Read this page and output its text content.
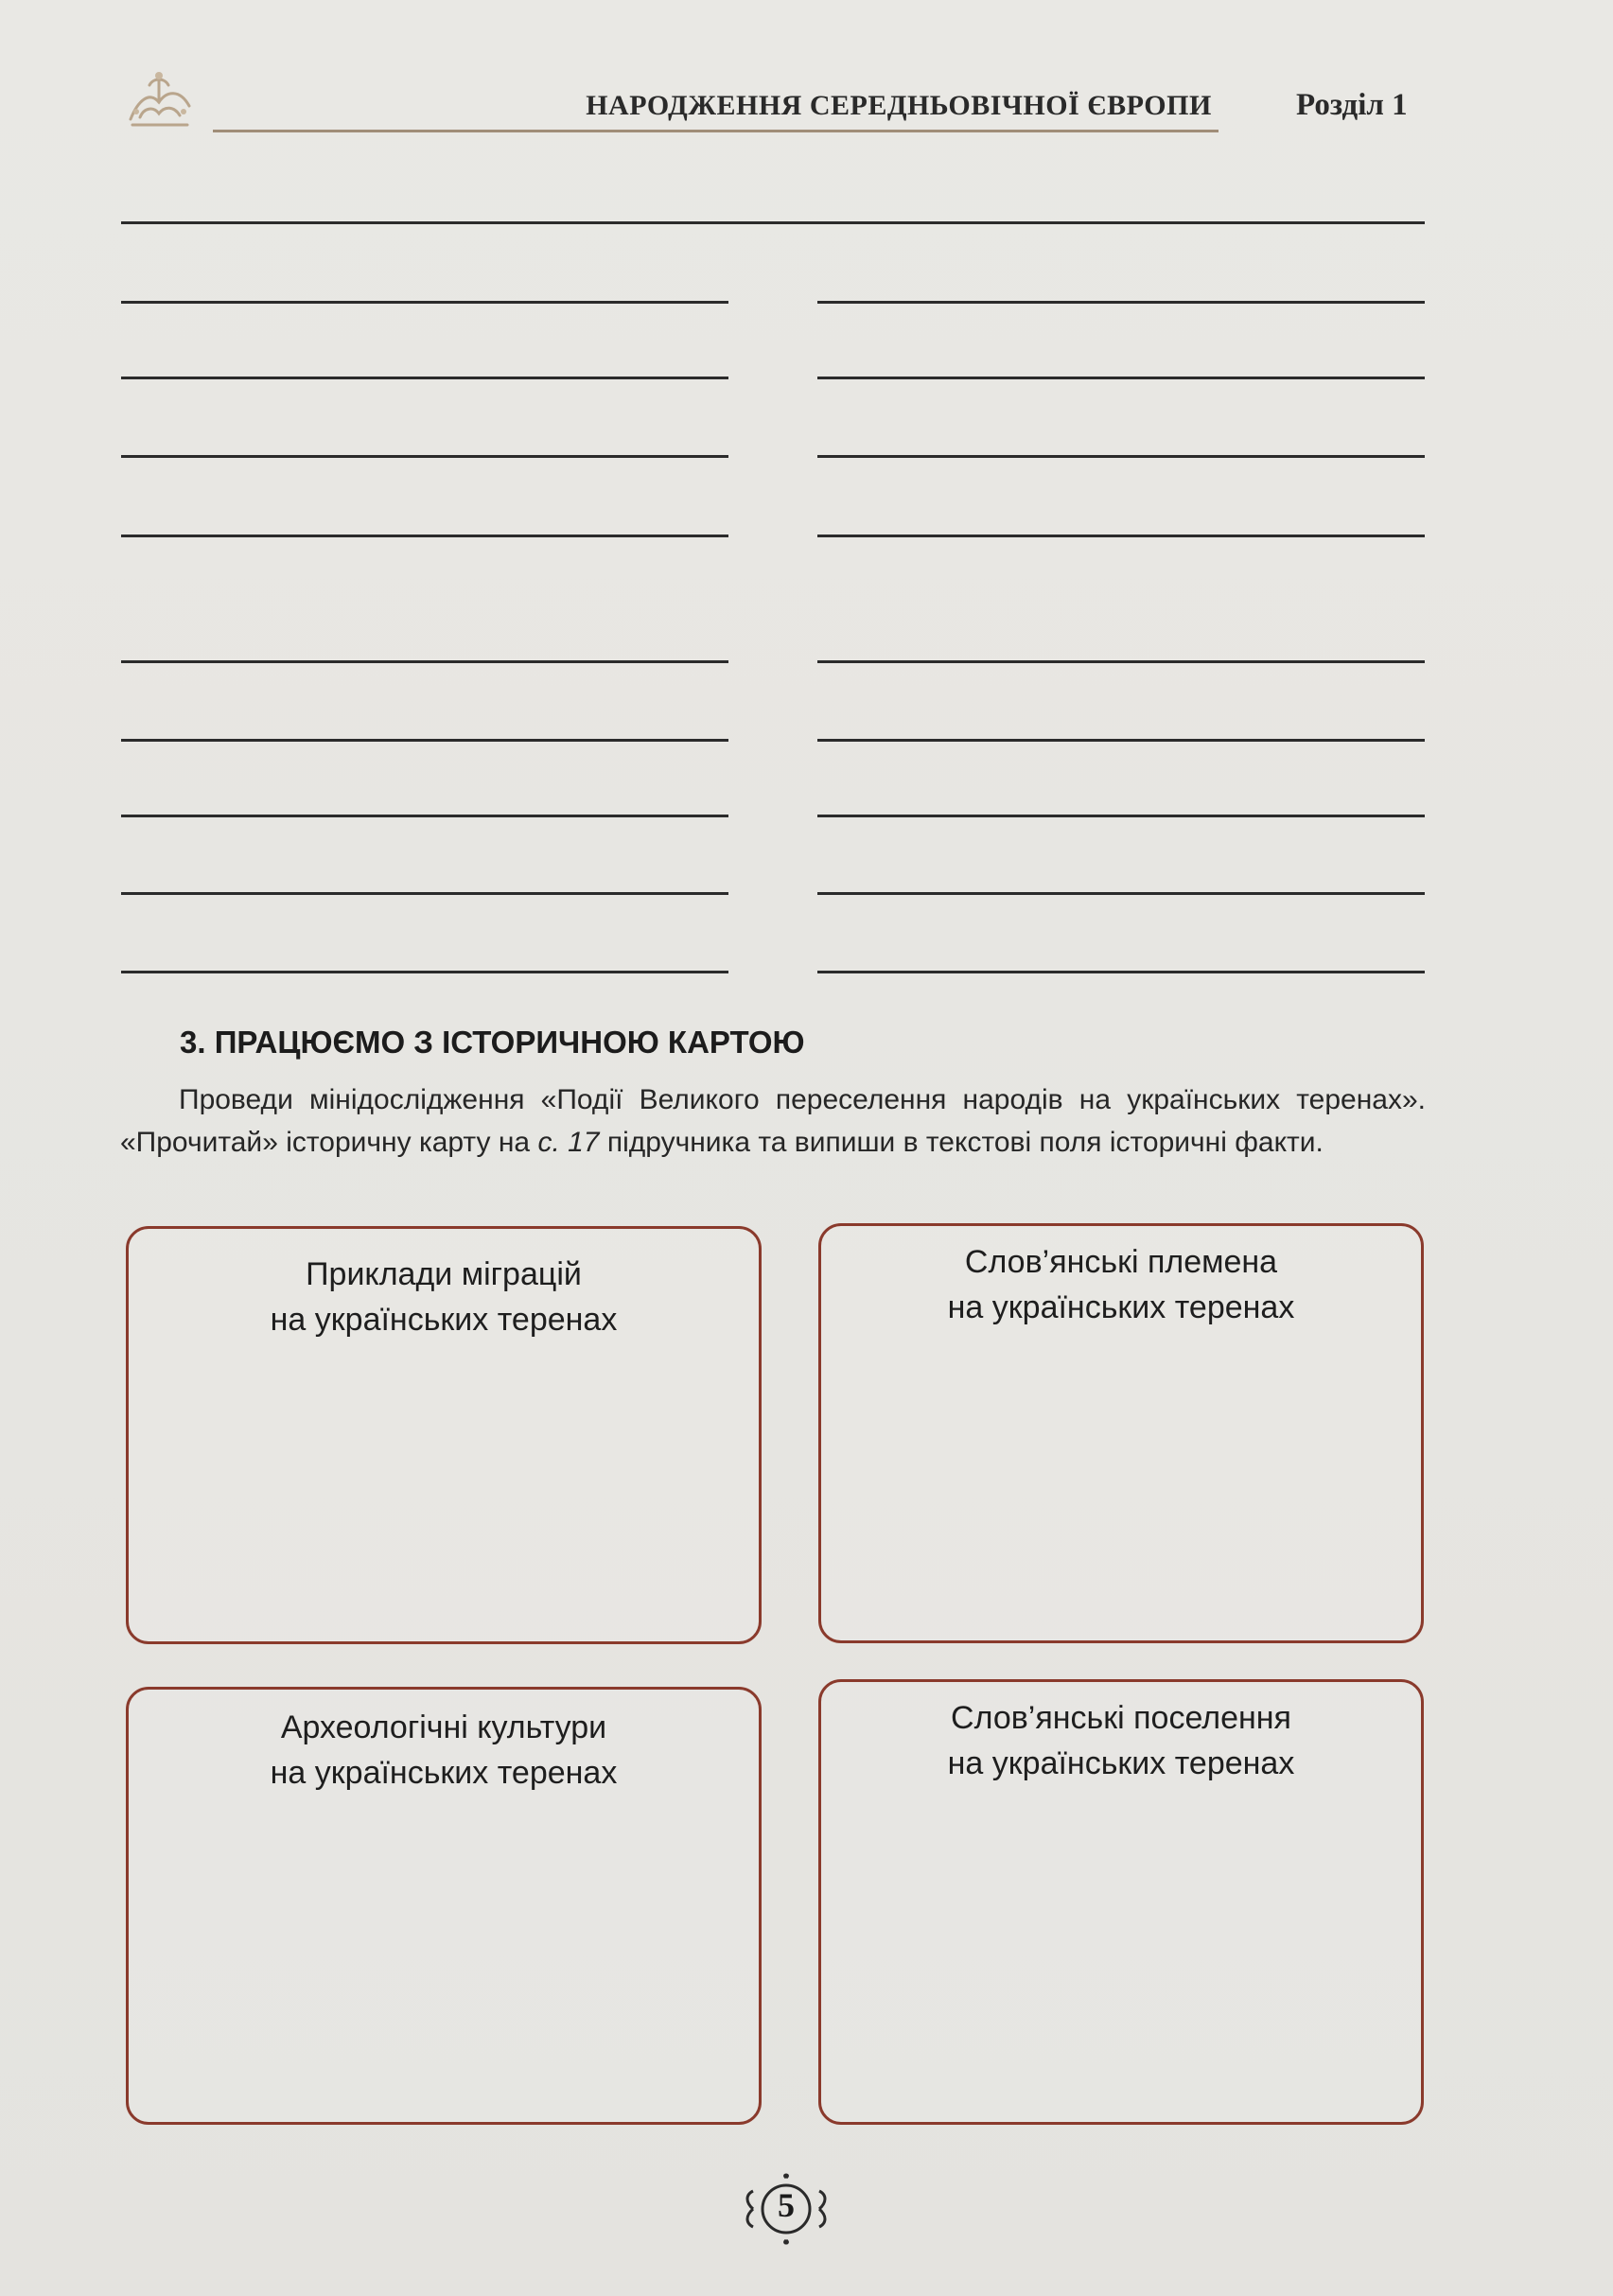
НАРОДЖЕННЯ СЕРЕДНЬОВІЧНОЇ ЄВРОПИ	Розділ 1
3. ПРАЦЮЄМО З ІСТОРИЧНОЮ КАРТОЮ

Проведи мінідослідження «Події Великого переселення народів на українських теренах». «Прочитай» історичну карту на с. 17 підручника та випиши в текстові поля історичні факти.

Приклади міграцій
на українських теренах
Слов’янські племена
на українських теренах
Археологічні культури
на українських теренах
Слов’янські поселення
на українських теренах
5
